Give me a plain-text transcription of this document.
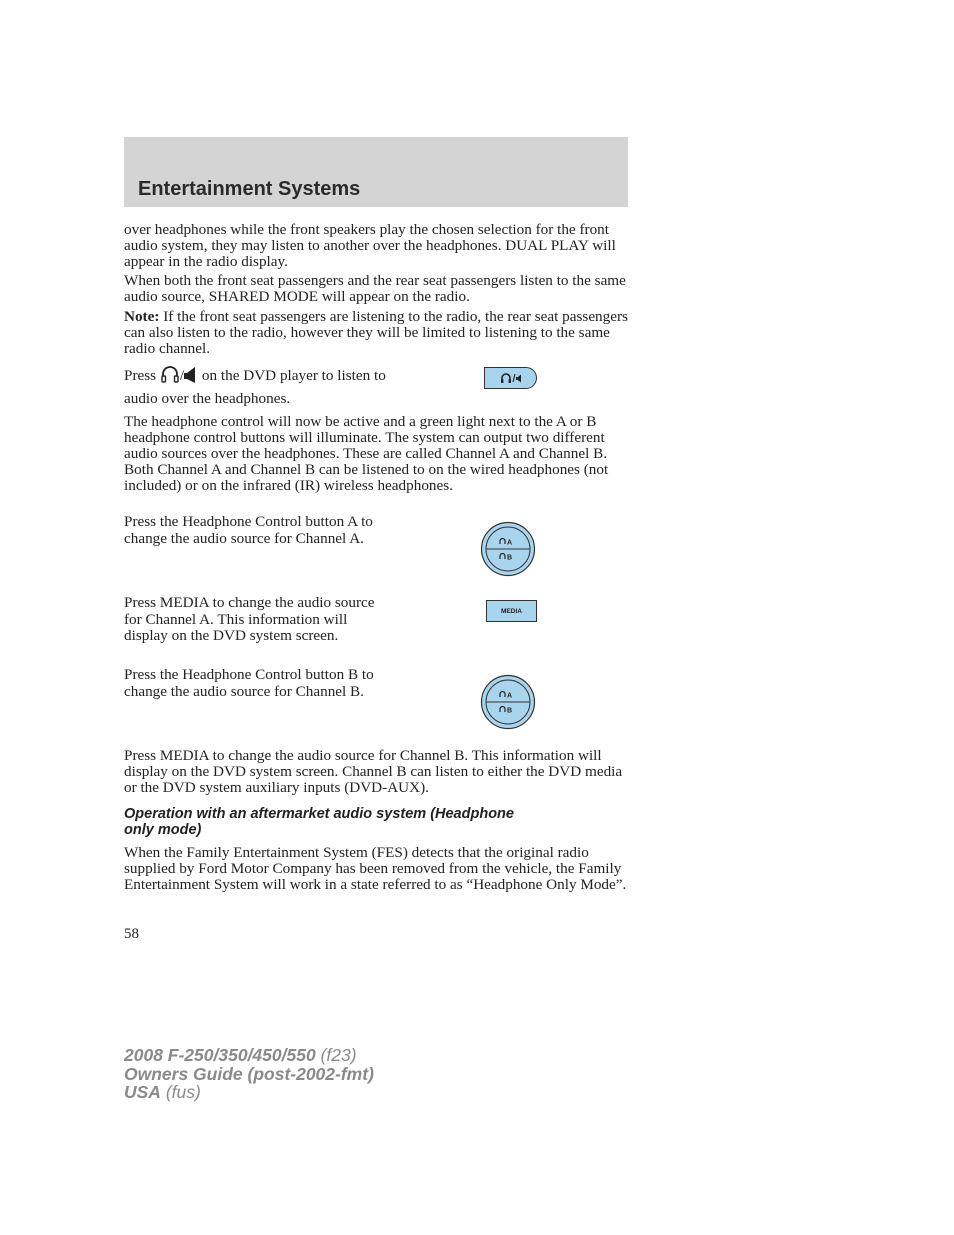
Entertainment Systems

over headphones while the front speakers play the chosen selection for the front audio system, they may listen to another over the headphones. DUAL PLAY will appear in the radio display.

When both the front seat passengers and the rear seat passengers listen to the same audio source, SHARED MODE will appear on the radio.

Note: If the front seat passengers are listening to the radio, the rear seat passengers can also listen to the radio, however they will be limited to listening to the same radio channel.

Press / on the DVD player to listen to audio over the headphones.

The headphone control will now be active and a green light next to the A or B headphone control buttons will illuminate. The system can output two different audio sources over the headphones. These are called Channel A and Channel B. Both Channel A and Channel B can be listened to on the wired headphones (not included) or on the infrared (IR) wireless headphones.

Press the Headphone Control button A to change the audio source for Channel A.	A
B

Press MEDIA to change the audio source for Channel A. This information will display on the DVD system screen.

MEDIA

Press the Headphone Control button B to change the audio source for Channel B.	A
B

Press MEDIA to change the audio source for Channel B. This information will display on the DVD system screen. Channel B can listen to either the DVD media or the DVD system auxiliary inputs (DVD-AUX).

Operation with an aftermarket audio system (Headphone only mode)

When the Family Entertainment System (FES) detects that the original radio supplied by Ford Motor Company has been removed from the vehicle, the Family Entertainment System will work in a state referred to as “Headphone Only Mode”.

58
2008 F-250/350/450/550 (f23)
Owners Guide (post-2002-fmt)
USA (fus)
